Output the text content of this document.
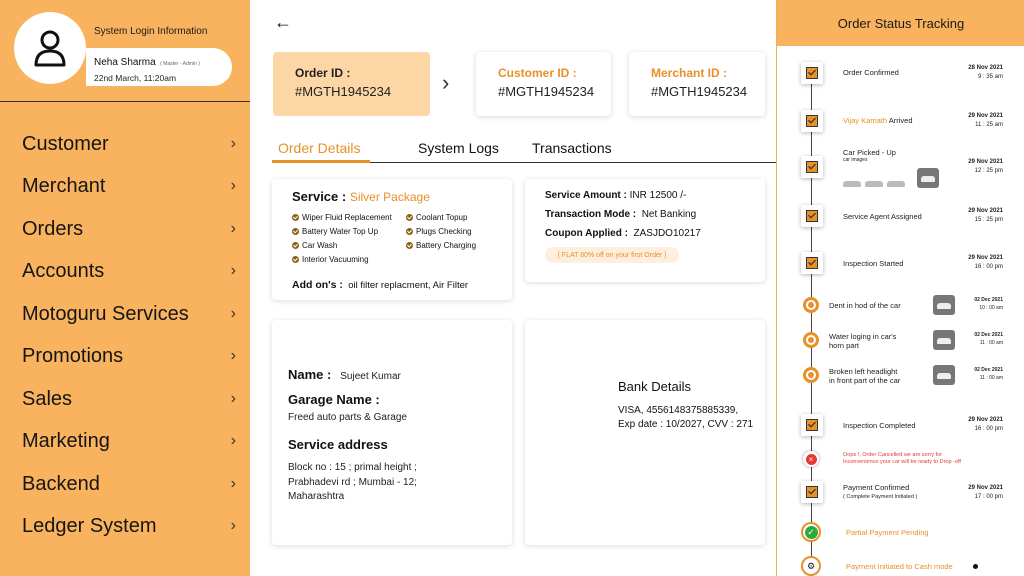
System Login Information
Neha Sharma ( Master - Admin )
22nd March, 11:20am
Customer	›
Merchant	›
Orders	›
Accounts	›
Motoguru Services	›
Promotions	›
Sales	›
Marketing	›
Backend	›
Ledger System	›
←
Order ID :
#MGTH1945234	›	Customer ID :
#MGTH1945234
Merchant ID :
#MGTH1945234
Order Details	System Logs Transactions
Service : Silver Package
Wiper Fluid Replacement	Coolant Topup
Battery Water Top Up	Plugs Checking
Car Wash	Battery Charging
Interior Vacuuming
Add on's : oil filter replacment, Air Filter
Service Amount : INR 12500 /-
Transaction Mode : Net Banking
Coupon Applied : ZASJDO10217
( FLAT 60% off on your first Order )
Name : Sujeet Kumar
Garage Name :
Freed auto parts & Garage
Service address
Block no : 15 ; primal height ;
Prabhadevi rd ; Mumbai - 12;
Maharashtra
Bank Details
VISA, 4556148375885339,
Exp date : 10/2027, CVV : 271
Order Status Tracking
Order Confirmed	28 Nov 2021
9 : 35 am
Vijay Kamath Arrived	29 Nov 2021
11 : 25 am
Car Picked - Up
car images	29 Nov 2021
12 : 25 pm
Service Agent Assigned
29 Nov 2021
15 : 25 pm
Inspection Started
29 Nov 2021
16 : 00 pm
Dent in hod of the car
02 Dec 2021
10 : 00 am
Water loging in car's
horn part
02 Dec 2021
11 : 00 am
Broken left headlight
in front part of the car
02 Dec 2021
11 : 00 am
Inspection Completed
29 Nov 2021
16 : 00 pm
×	Oops !, Order Cancelled we are sorry for
Inconvenience your car will be ready to Drop -off
Payment Confirmed
( Complete Payment Initiated )
29 Nov 2021
17 : 00 pm
✓	Partial Payment Pending
⚙	Payment Initiated to Cash mode
